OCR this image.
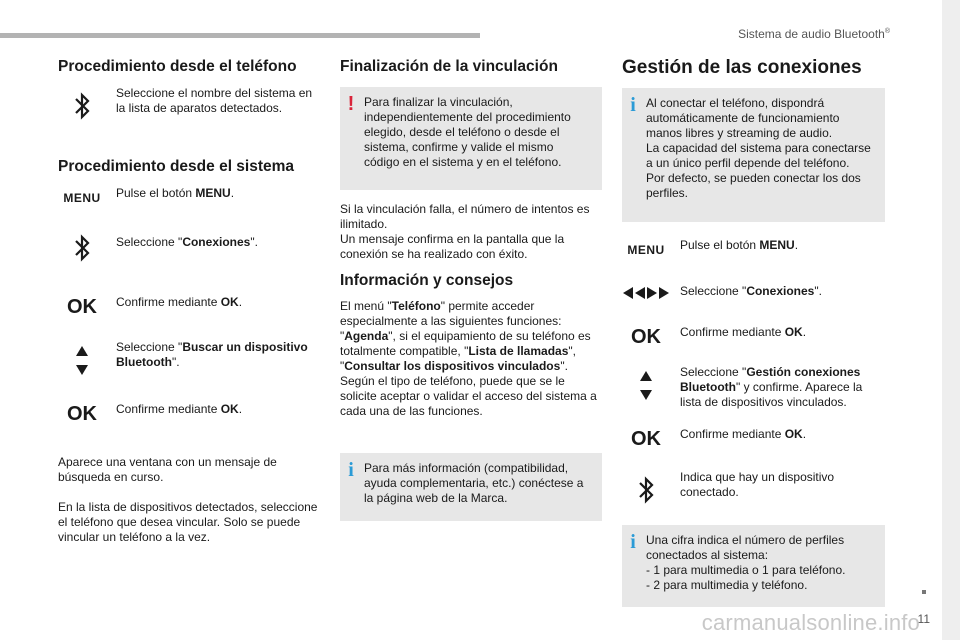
Sistema de audio Bluetooth®
11
carmanualsonline.info
Procedimiento desde el teléfono
Seleccione el nombre del sistema en la lista de aparatos detectados.
Procedimiento desde el sistema
MENU	Pulse el botón MENU.
Seleccione "Conexiones".
OK	Confirme mediante OK.
Seleccione "Buscar un dispositivo Bluetooth".
OK	Confirme mediante OK.

Aparece una ventana con un mensaje de búsqueda en curso.

En la lista de dispositivos detectados, seleccione el teléfono que desea vincular. Solo se puede vincular un teléfono a la vez.

Finalización de la vinculación
! Para finalizar la vinculación, independientemente del procedimiento elegido, desde el teléfono o desde el sistema, confirme y valide el mismo código en el sistema y en el teléfono.

Si la vinculación falla, el número de intentos es ilimitado.

Un mensaje confirma en la pantalla que la conexión se ha realizado con éxito.

Información y consejos

El menú "Teléfono" permite acceder especialmente a las siguientes funciones: "Agenda", si el equipamiento de su teléfono es totalmente compatible, "Lista de llamadas", "Consultar los dispositivos vinculados".
Según el tipo de teléfono, puede que se le solicite aceptar o validar el acceso del sistema a cada una de las funciones.

i Para más información (compatibilidad, ayuda complementaria, etc.) conéctese a la página web de la Marca.
Gestión de las conexiones
i Al conectar el teléfono, dispondrá automáticamente de funcionamiento manos libres y streaming de audio.
La capacidad del sistema para conectarse a un único perfil depende del teléfono.
Por defecto, se pueden conectar los dos perfiles.
MENU	Pulse el botón MENU.
Seleccione "Conexiones".
OK	Confirme mediante OK.
Seleccione "Gestión conexiones Bluetooth" y confirme. Aparece la lista de dispositivos vinculados.
OK	Confirme mediante OK.
Indica que hay un dispositivo conectado.
i Una cifra indica el número de perfiles conectados al sistema:
- 1 para multimedia o 1 para teléfono.
- 2 para multimedia y teléfono.
